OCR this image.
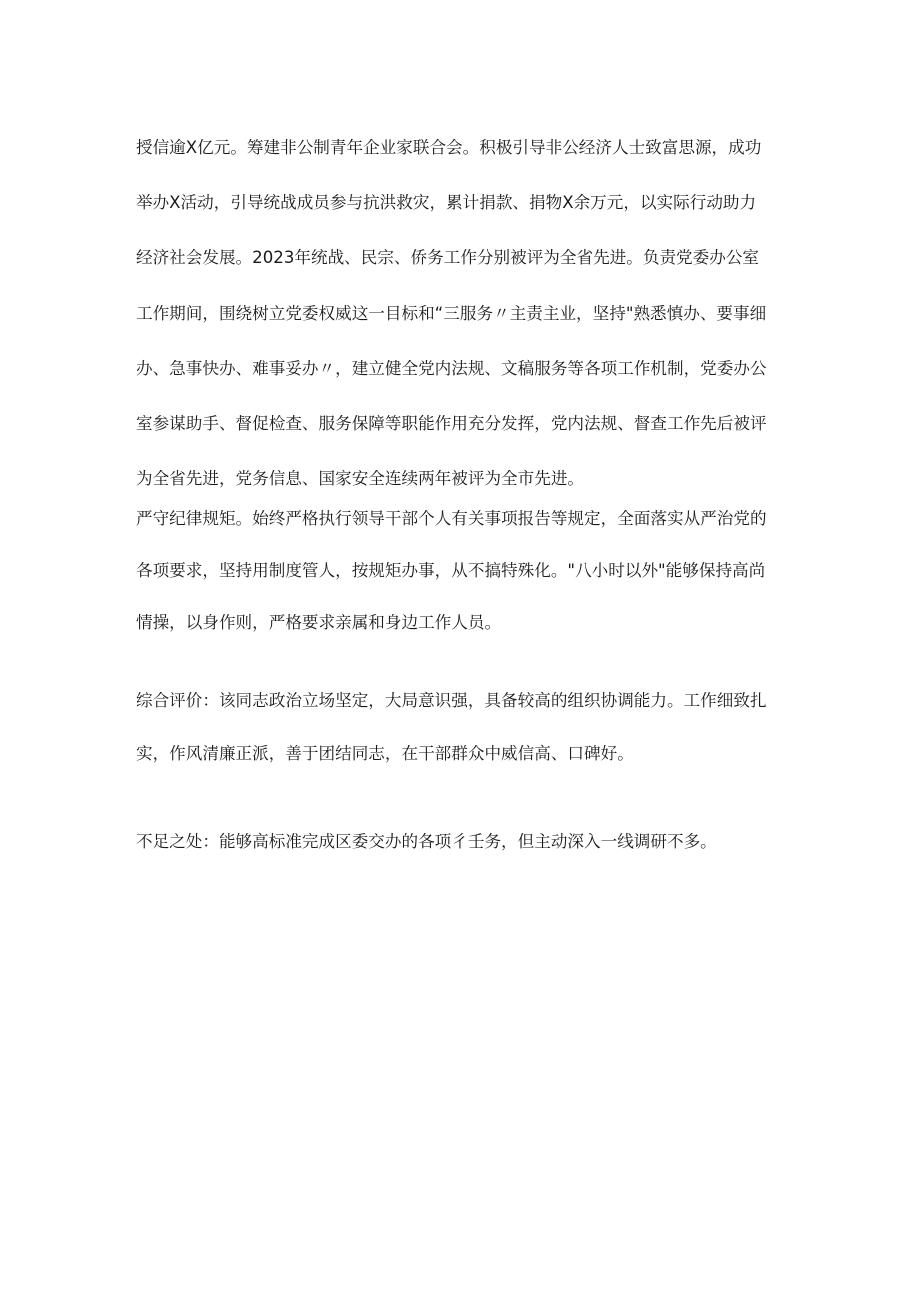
授信逾Ⅹ亿元。筹建非公制青年企业家联合会。积极引导非公经济人士致富思源，成功
举办Ⅹ活动，引导统战成员参与抗洪救灾，累计捐款、捐物Ⅹ余万元，以实际行动助力
经济社会发展。2023年统战、民宗、侨务工作分别被评为全省先进。负责党委办公室
工作期间，围绕树立党委权威这一目标和“三服务〃主责主业，坚持"熟悉慎办、要事细
办、急事快办、难事妥办〃，建立健全党内法规、文稿服务等各项工作机制，党委办公
室参谋助手、督促检查、服务保障等职能作用充分发挥，党内法规、督查工作先后被评
为全省先进，党务信息、国家安全连续两年被评为全市先进。

严守纪律规矩。始终严格执行领导干部个人有关事项报告等规定，全面落实从严治党的
各项要求，坚持用制度管人，按规矩办事，从不搞特殊化。"八小时以外"能够保持高尚
情操，以身作则，严格要求亲属和身边工作人员。

综合评价：该同志政治立场坚定，大局意识强，具备较高的组织协调能力。工作细致扎
实，作风清廉正派，善于团结同志，在干部群众中威信高、口碑好。

不足之处：能够高标准完成区委交办的各项彳壬务，但主动深入一线调研不多。
